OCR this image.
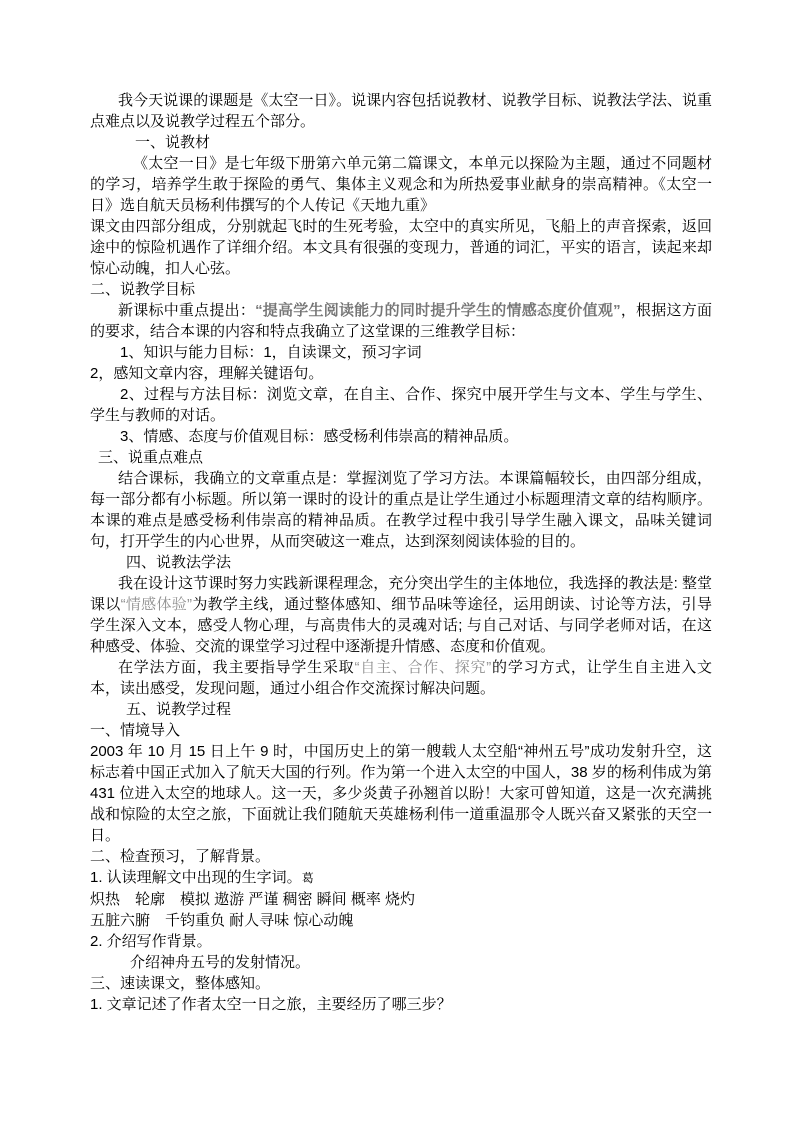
我今天说课的课题是《太空一日》。说课内容包括说教材、说教学目标、说教法学法、说重点难点以及说教学过程五个部分。

一、说教材

《太空一日》是七年级下册第六单元第二篇课文，本单元以探险为主题，通过不同题材的学习，培养学生敢于探险的勇气、集体主义观念和为所热爱事业献身的崇高精神。《太空一日》选自航天员杨利伟撰写的个人传记《天地九重》

课文由四部分组成，分别就起飞时的生死考验，太空中的真实所见，飞船上的声音探索，返回途中的惊险机遇作了详细介绍。本文具有很强的变现力，普通的词汇，平实的语言，读起来却惊心动魄，扣人心弦。

二、说教学目标

新课标中重点提出：“提高学生阅读能力的同时提升学生的情感态度价值观”，根据这方面的要求，结合本课的内容和特点我确立了这堂课的三维教学目标：

1、知识与能力目标：1，自读课文，预习字词

2，感知文章内容，理解关键语句。

2、过程与方法目标：浏览文章，在自主、合作、探究中展开学生与文本、学生与学生、学生与教师的对话。

3、情感、态度与价值观目标：感受杨利伟崇高的精神品质。

三、说重点难点

结合课标，我确立的文章重点是：掌握浏览了学习方法。本课篇幅较长，由四部分组成，每一部分都有小标题。所以第一课时的设计的重点是让学生通过小标题理清文章的结构顺序。本课的难点是感受杨利伟崇高的精神品质。在教学过程中我引导学生融入课文，品味关键词句，打开学生的内心世界，从而突破这一难点，达到深刻阅读体验的目的。

四、说教法学法

我在设计这节课时努力实践新课程理念，充分突出学生的主体地位，我选择的教法是: 整堂课以“情感体验”为教学主线，通过整体感知、细节品味等途径，运用朗读、讨论等方法，引导学生深入文本，感受人物心理，与高贵伟大的灵魂对话; 与自己对话、与同学老师对话，在这种感受、体验、交流的课堂学习过程中逐渐提升情感、态度和价值观。

在学法方面，我主要指导学生采取“自主、合作、探究”的学习方式，让学生自主进入文本，读出感受，发现问题，通过小组合作交流探讨解决问题。

五、说教学过程

一、情境导入

2003 年 10 月 15 日上午 9 时，中国历史上的第一艘载人太空船“神州五号”成功发射升空，这标志着中国正式加入了航天大国的行列。作为第一个进入太空的中国人，38 岁的杨利伟成为第 431 位进入太空的地球人。这一天，多少炎黄子孙翘首以盼！大家可曾知道，这是一次充满挑战和惊险的太空之旅，下面就让我们随航天英雄杨利伟一道重温那令人既兴奋又紧张的天空一日。

二、检查预习，了解背景。

1. 认读理解文中出现的生字词。葛

炽热　轮廓　模拟 遨游 严谨 稠密 瞬间 概率 烧灼

五脏六腑　千钧重负 耐人寻味 惊心动魄

2. 介绍写作背景。

介绍神舟五号的发射情况。

三、速读课文，整体感知。

1. 文章记述了作者太空一日之旅，主要经历了哪三步？
